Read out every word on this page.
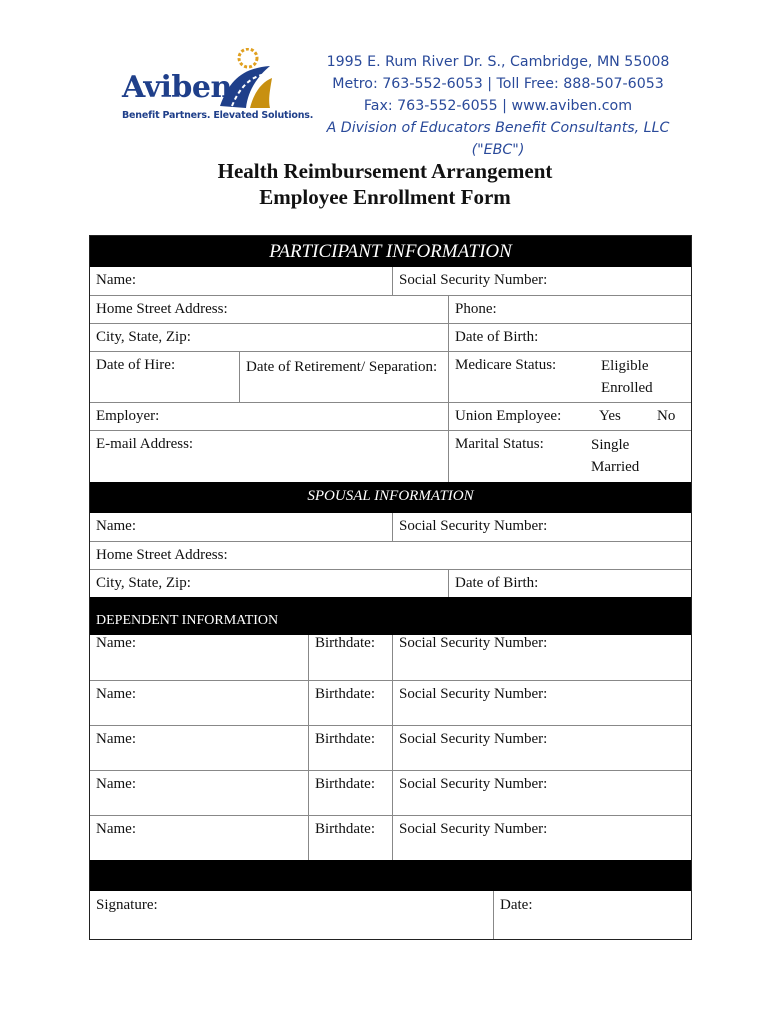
Aviben
Benefit Partners. Elevated Solutions.
1995 E. Rum River Dr. S., Cambridge, MN 55008
Metro: 763-552-6053 | Toll Free: 888-507-6053
Fax: 763-552-6055 | www.aviben.com
A Division of Educators Benefit Consultants, LLC ("EBC")
Health Reimbursement Arrangement
Employee Enrollment Form
PARTICIPANT INFORMATION
Name:	Social Security Number:
Home Street Address:	Phone:
City, State, Zip:	Date of Birth:
Date of Hire:	Date of Retirement/ Separation:	Medicare Status:	Eligible
Enrolled
Employer:	Union Employee:	Yes	No
E-mail Address:	Marital Status:	Single
Married
SPOUSAL INFORMATION
Name:	Social Security Number:
Home Street Address:
City, State, Zip:	Date of Birth:
DEPENDENT INFORMATION
Name:	Birthdate:	Social Security Number:
Name:	Birthdate:	Social Security Number:
Name:	Birthdate:	Social Security Number:
Name:	Birthdate:	Social Security Number:
Name:	Birthdate:	Social Security Number:
Signature:	Date:
